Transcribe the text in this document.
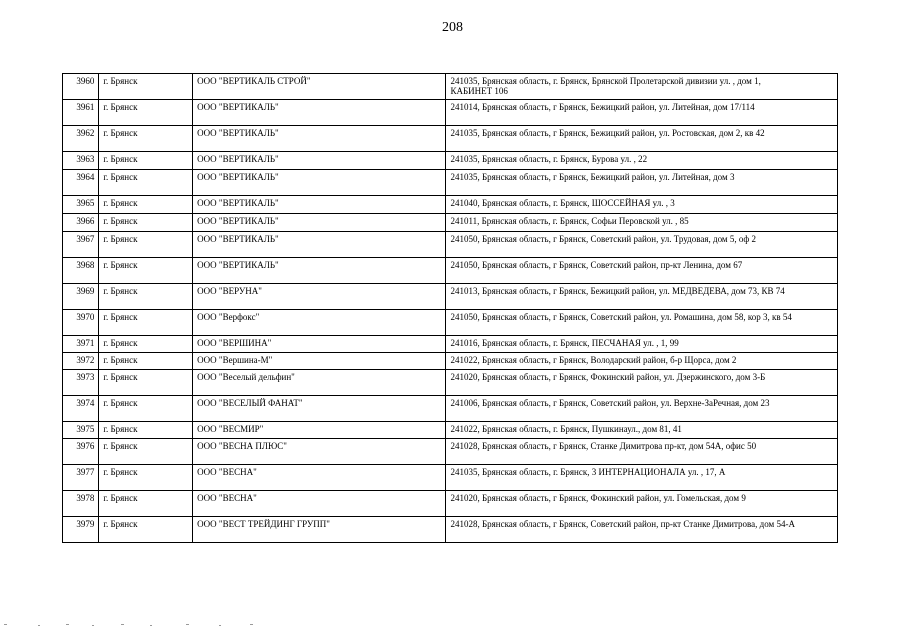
208
3960	г. Брянск	ООО "ВЕРТИКАЛЬ СТРОЙ"	241035, Брянская область, г. Брянск, Брянской Пролетарской дивизии ул. , дом 1,
КАБИНЕТ 106

3961	г. Брянск	ООО "ВЕРТИКАЛЬ"	241014, Брянская область, г Брянск, Бежицкий район, ул. Литейная, дом 17/114
3962	г. Брянск	ООО "ВЕРТИКАЛЬ"	241035, Брянская область, г Брянск, Бежицкий район, ул. Ростовская, дом 2, кв 42
3963	г. Брянск	ООО "ВЕРТИКАЛЬ"	241035, Брянская область, г. Брянск, Бурова ул. , 22
3964	г. Брянск	ООО "ВЕРТИКАЛЬ"	241035, Брянская область, г Брянск, Бежицкий район, ул. Литейная, дом 3
3965	г. Брянск	ООО "ВЕРТИКАЛЬ"	241040, Брянская область, г. Брянск, ШОССЕЙНАЯ ул. , 3
3966	г. Брянск	ООО "ВЕРТИКАЛЬ"	241011, Брянская область, г. Брянск, Софьи Перовской ул. , 85
3967	г. Брянск	ООО "ВЕРТИКАЛЬ"	241050, Брянская область, г Брянск, Советский район, ул. Трудовая, дом 5, оф 2
3968	г. Брянск	ООО "ВЕРТИКАЛЬ"	241050, Брянская область, г Брянск, Советский район, пр-кт Ленина, дом 67
3969	г. Брянск	ООО "ВЕРУНА"	241013, Брянская область, г Брянск, Бежицкий район, ул. МЕДВЕДЕВА, дом 73, КВ 74
3970	г. Брянск	ООО "Верфокс"	241050, Брянская область, г Брянск, Советский район, ул. Ромашина, дом 58, кор 3, кв 54
3971	г. Брянск	ООО "ВЕРШИНА"	241016, Брянская область, г. Брянск, ПЕСЧАНАЯ ул. , 1, 99
3972	г. Брянск	ООО "Вершина-М"	241022, Брянская область, г Брянск, Володарский район, б-р Щорса, дом 2
3973	г. Брянск	ООО "Веселый дельфин"	241020, Брянская область, г Брянск, Фокинский район, ул. Дзержинского, дом 3-Б
3974	г. Брянск	ООО "ВЕСЕЛЫЙ ФАНАТ"	241006, Брянская область, г Брянск, Советский район, ул. Верхне-ЗаРечная, дом 23
3975	г. Брянск	ООО "ВЕСМИР"	241022, Брянская область, г. Брянск, Пушкинаул., дом 81, 41
3976	г. Брянск	ООО "ВЕСНА ПЛЮС"	241028, Брянская область, г Брянск, Станке Димитрова пр-кт, дом 54А, офис 50
3977	г. Брянск	ООО "ВЕСНА"	241035, Брянская область, г. Брянск, 3 ИНТЕРНАЦИОНАЛА ул. , 17, А
3978	г. Брянск	ООО "ВЕСНА"	241020, Брянская область, г Брянск, Фокинский район, ул. Гомельская, дом 9
3979	г. Брянск	ООО "ВЕСТ ТРЕЙДИНГ ГРУПП"	241028, Брянская область, г Брянск, Советский район, пр-кт Станке Димитрова, дом 54-А
